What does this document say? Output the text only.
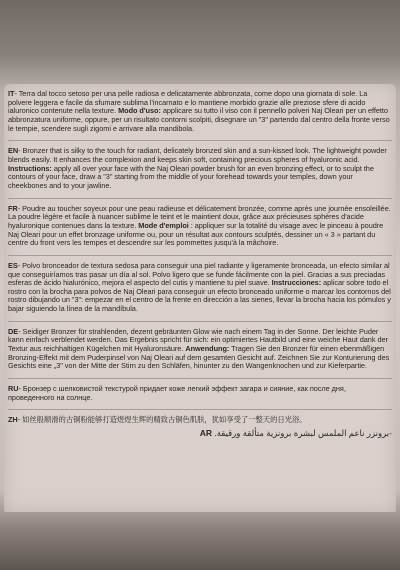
IT- Terra dal tocco setoso per una pelle radiosa e delicatamente abbronzata, come dopo una giornata di sole. La polvere leggera e facile da sfumare sublima l'incarnato e lo mantiene morbido grazie alle preziose sfere di acido ialuronico contenute nella texture. Modo d'uso: applicare su tutto il viso con il pennello polveri Naj Oleari per un effetto abbronzatura uniforme, oppure, per un risultato contorni scolpiti, disegnare un "3" partendo dal centro della fronte verso le tempie, scendere sugli zigomi e arrivare alla mandibola.
EN- Bronzer that is silky to the touch for radiant, delicately bronzed skin and a sun-kissed look. The lightweight powder blends easily. It enhances the complexion and keeps skin soft, containing precious spheres of hyaluronic acid. Instructions: apply all over your face with the Naj Oleari powder brush for an even bronzing effect, or to sculpt the contours of your face, draw a "3" starting from the middle of your forehead towards your temples, down your cheekbones and to your jawline.
FR- Poudre au toucher soyeux pour une peau radieuse et délicatement bronzée, comme après une journée ensoleillée. La poudre légère et facile à nuancer sublime le teint et le maintient doux, grâce aux précieuses sphères d'acide hyaluronique contenues dans la texture. Mode d'emploi : appliquer sur la totalité du visage avec le pinceau à poudre Naj Oleari pour un effet bronzage uniforme ou, pour un résultat aux contours sculptés, dessiner un « 3 » partant du centre du front vers les tempes et descendre sur les pommettes jusqu'à la mâchoire.
ES- Polvo bronceador de textura sedosa para conseguir una piel radiante y ligeramente bronceada, un efecto similar al que conseguiríamos tras pasar un día al sol. Polvo ligero que se funde fácilmente con la piel. Gracias a sus preciadas esferas de ácido hialurónico, mejora el aspecto del cutis y mantiene tu piel suave. Instrucciones: aplicar sobre todo el rostro con la brocha para polvos de Naj Oleari para conseguir un efecto bronceado uniforme o marcar los contornos del rostro dibujando un "3": empezar en el centro de la frente en dirección a las sienes, llevar la brocha hacia los pómulos y bajar siguiendo la línea de la mandíbula.
DE- Seidiger Bronzer für strahlenden, dezent gebräunten Glow wie nach einem Tag in der Sonne. Der leichte Puder kann einfach verblendet werden. Das Ergebnis spricht für sich: ein optimiertes Hautbild und eine weiche Haut dank der Textur aus reichhaltigen Kügelchen mit Hyaluronsäure. Anwendung: Tragen Sie den Bronzer für einen ebenmäßigen Bronzing-Effekt mit dem Puderpinsel von Naj Oleari auf dem gesamten Gesicht auf. Zeichnen Sie zur Konturierung des Gesichts eine „3" von der Mitte der Stirn zu den Schläfen, hinunter zu den Wangenknochen und zur Kieferpartie.
RU- Бронзер с шелковистой текстурой придает коже легкий эффект загара и сияние, как после дня, проведенного на солнце.
ZH- 如丝般顺滑的古铜粉能够打造煜煜生辉的精致古铜色肌肤，犹如享受了一整天的日光浴。
-برونزر ناعم الملمس لبشرة برونزية متألقة ورقيقة. AR
